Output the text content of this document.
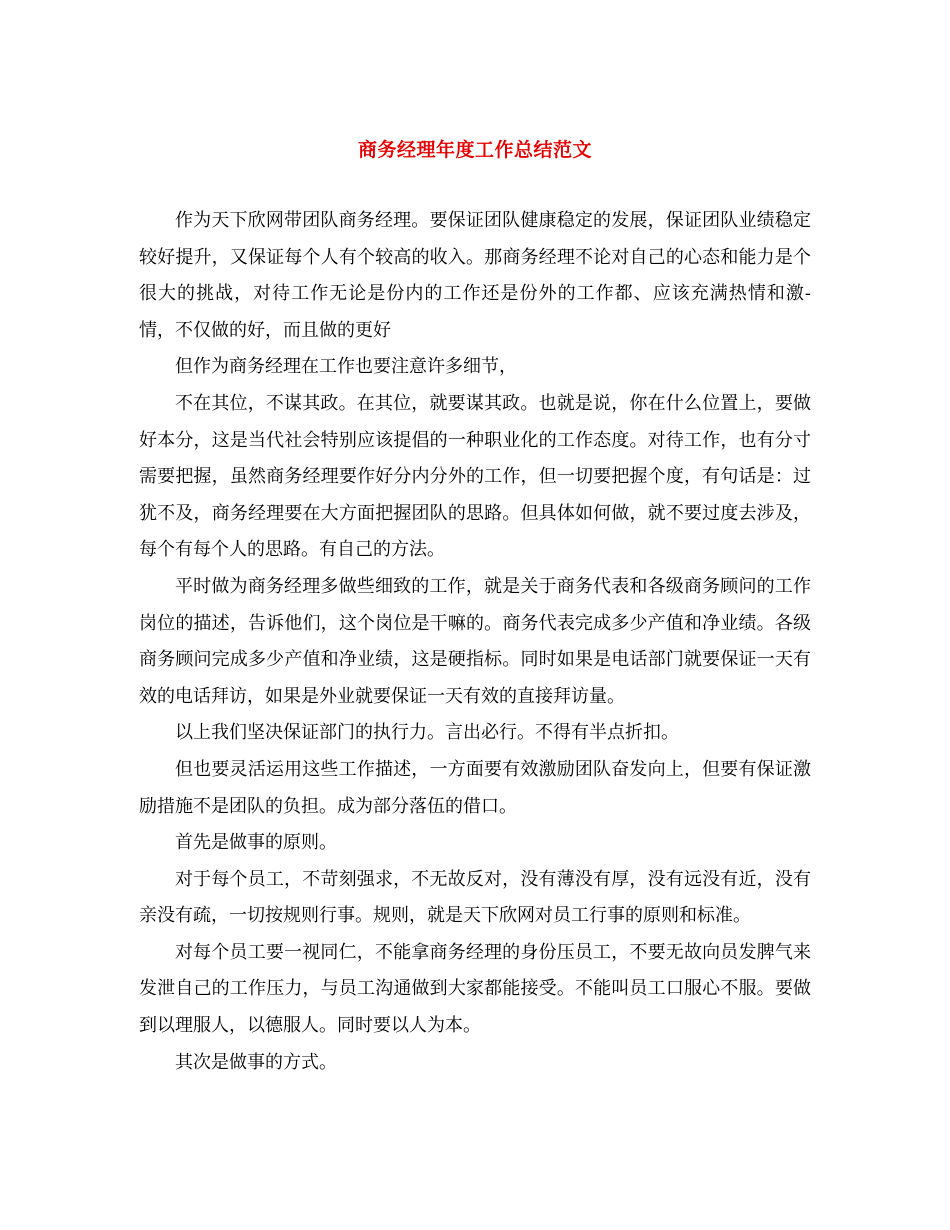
商务经理年度工作总结范文

作为天下欣网带团队商务经理。要保证团队健康稳定的发展，保证团队业绩稳定较好提升，又保证每个人有个较高的收入。那商务经理不论对自己的心态和能力是个很大的挑战，对待工作无论是份内的工作还是份外的工作都、应该充满热情和激-情，不仅做的好，而且做的更好

但作为商务经理在工作也要注意许多细节，

不在其位，不谋其政。在其位，就要谋其政。也就是说，你在什么位置上，要做好本分，这是当代社会特别应该提倡的一种职业化的工作态度。对待工作，也有分寸需要把握，虽然商务经理要作好分内分外的工作，但一切要把握个度，有句话是：过犹不及，商务经理要在大方面把握团队的思路。但具体如何做，就不要过度去涉及，每个有每个人的思路。有自己的方法。

平时做为商务经理多做些细致的工作，就是关于商务代表和各级商务顾问的工作岗位的描述，告诉他们，这个岗位是干嘛的。商务代表完成多少产值和净业绩。各级商务顾问完成多少产值和净业绩，这是硬指标。同时如果是电话部门就要保证一天有效的电话拜访，如果是外业就要保证一天有效的直接拜访量。

以上我们坚决保证部门的执行力。言出必行。不得有半点折扣。

但也要灵活运用这些工作描述，一方面要有效激励团队奋发向上，但要有保证激励措施不是团队的负担。成为部分落伍的借口。

首先是做事的原则。

对于每个员工，不苛刻强求，不无故反对，没有薄没有厚，没有远没有近，没有亲没有疏，一切按规则行事。规则，就是天下欣网对员工行事的原则和标准。

对每个员工要一视同仁，不能拿商务经理的身份压员工，不要无故向员发脾气来发泄自己的工作压力，与员工沟通做到大家都能接受。不能叫员工口服心不服。要做到以理服人，以德服人。同时要以人为本。

其次是做事的方式。
